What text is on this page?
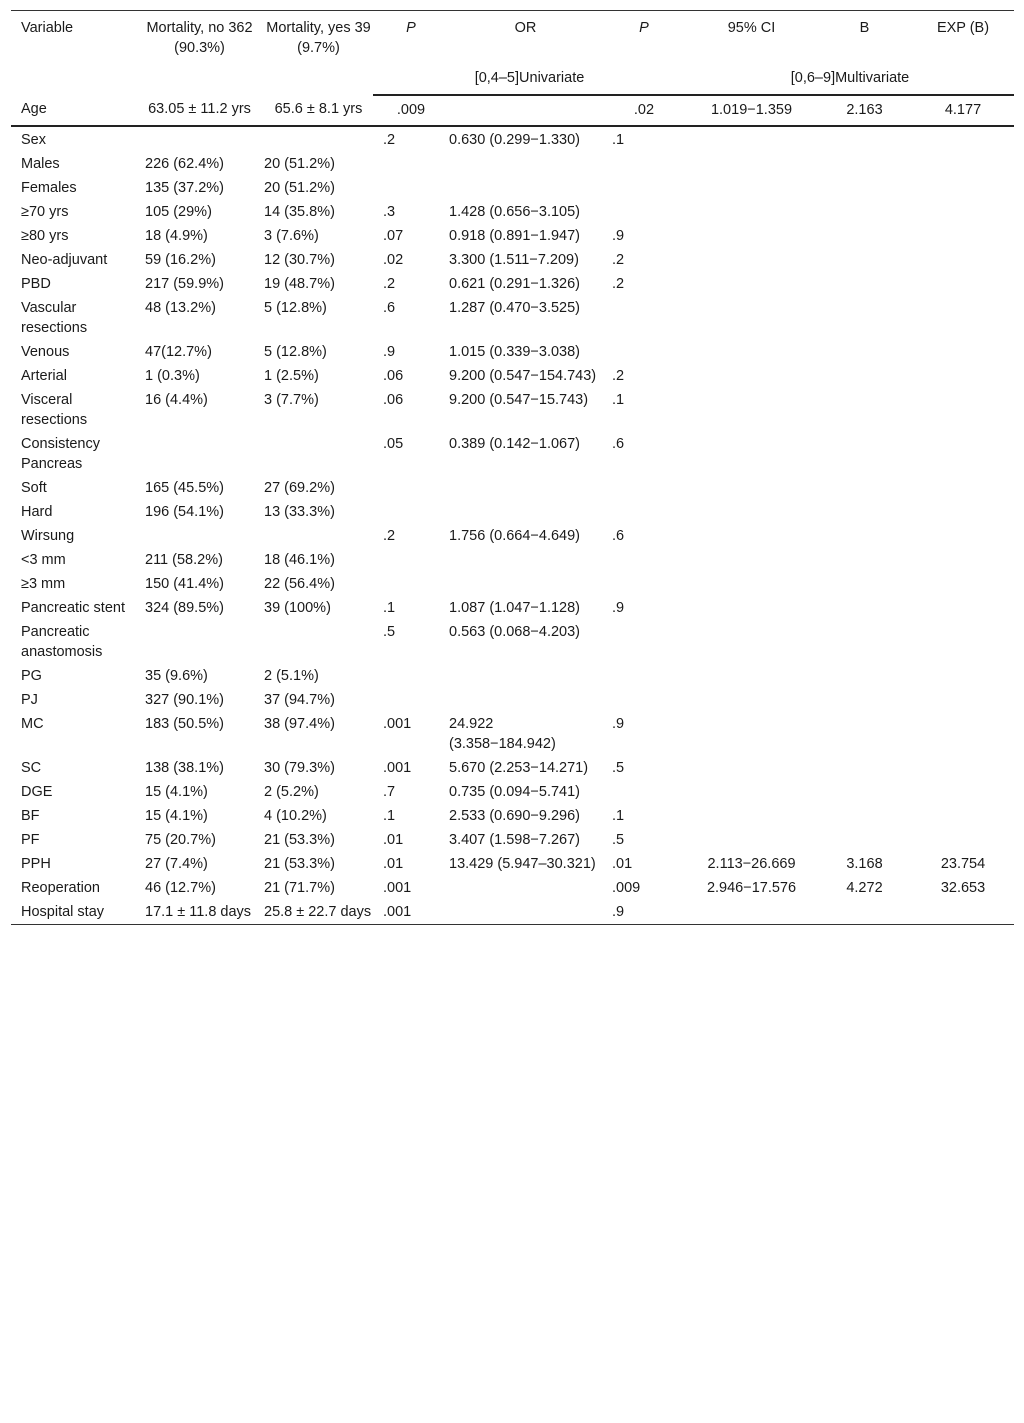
Variable	Mortality, no 362 (90.3%)	Mortality, yes 39 (9.7%)	P	OR	P	95% CI	B	EXP (B)
			[0,4–5]Univariate			[0,6–9]Multivariate		
Age	63.05 ± 11.2 yrs	65.6 ± 8.1 yrs	.009		.02	1.019−1.359	2.163	4.177
Sex			.2	0.630 (0.299−1.330)	.1			
Males	226 (62.4%)	20 (51.2%)						
Females	135 (37.2%)	20 (51.2%)						
≥70 yrs	105 (29%)	14 (35.8%)	.3	1.428 (0.656−3.105)				
≥80 yrs	18 (4.9%)	3 (7.6%)	.07	0.918 (0.891−1.947)	.9			
Neo-adjuvant	59 (16.2%)	12 (30.7%)	.02	3.300 (1.511−7.209)	.2			
PBD	217 (59.9%)	19 (48.7%)	.2	0.621 (0.291−1.326)	.2			
Vascular resections	48 (13.2%)	5 (12.8%)	.6	1.287 (0.470−3.525)				
Venous	47(12.7%)	5 (12.8%)	.9	1.015 (0.339−3.038)				
Arterial	1 (0.3%)	1 (2.5%)	.06	9.200 (0.547−154.743)	.2			
Visceral resections	16 (4.4%)	3 (7.7%)	.06	9.200 (0.547−15.743)	.1			
Consistency Pancreas			.05	0.389 (0.142−1.067)	.6			
Soft	165 (45.5%)	27 (69.2%)						
Hard	196 (54.1%)	13 (33.3%)						
Wirsung			.2	1.756 (0.664−4.649)	.6			
<3 mm	211 (58.2%)	18 (46.1%)						
≥3 mm	150 (41.4%)	22 (56.4%)						
Pancreatic stent	324 (89.5%)	39 (100%)	.1	1.087 (1.047−1.128)	.9			
Pancreatic anastomosis			.5	0.563 (0.068−4.203)				
PG	35 (9.6%)	2 (5.1%)						
PJ	327 (90.1%)	37 (94.7%)						
MC	183 (50.5%)	38 (97.4%)	.001	24.922 (3.358−184.942)	.9			
SC	138 (38.1%)	30 (79.3%)	.001	5.670 (2.253−14.271)	.5			
DGE	15 (4.1%)	2 (5.2%)	.7	0.735 (0.094−5.741)				
BF	15 (4.1%)	4 (10.2%)	.1	2.533 (0.690−9.296)	.1			
PF	75 (20.7%)	21 (53.3%)	.01	3.407 (1.598−7.267)	.5			
PPH	27 (7.4%)	21 (53.3%)	.01	13.429 (5.947–30.321)	.01	2.113−26.669	3.168	23.754
Reoperation	46 (12.7%)	21 (71.7%)	.001		.009	2.946−17.576	4.272	32.653
Hospital stay	17.1 ± 11.8 days	25.8 ± 22.7 days	.001		.9			
